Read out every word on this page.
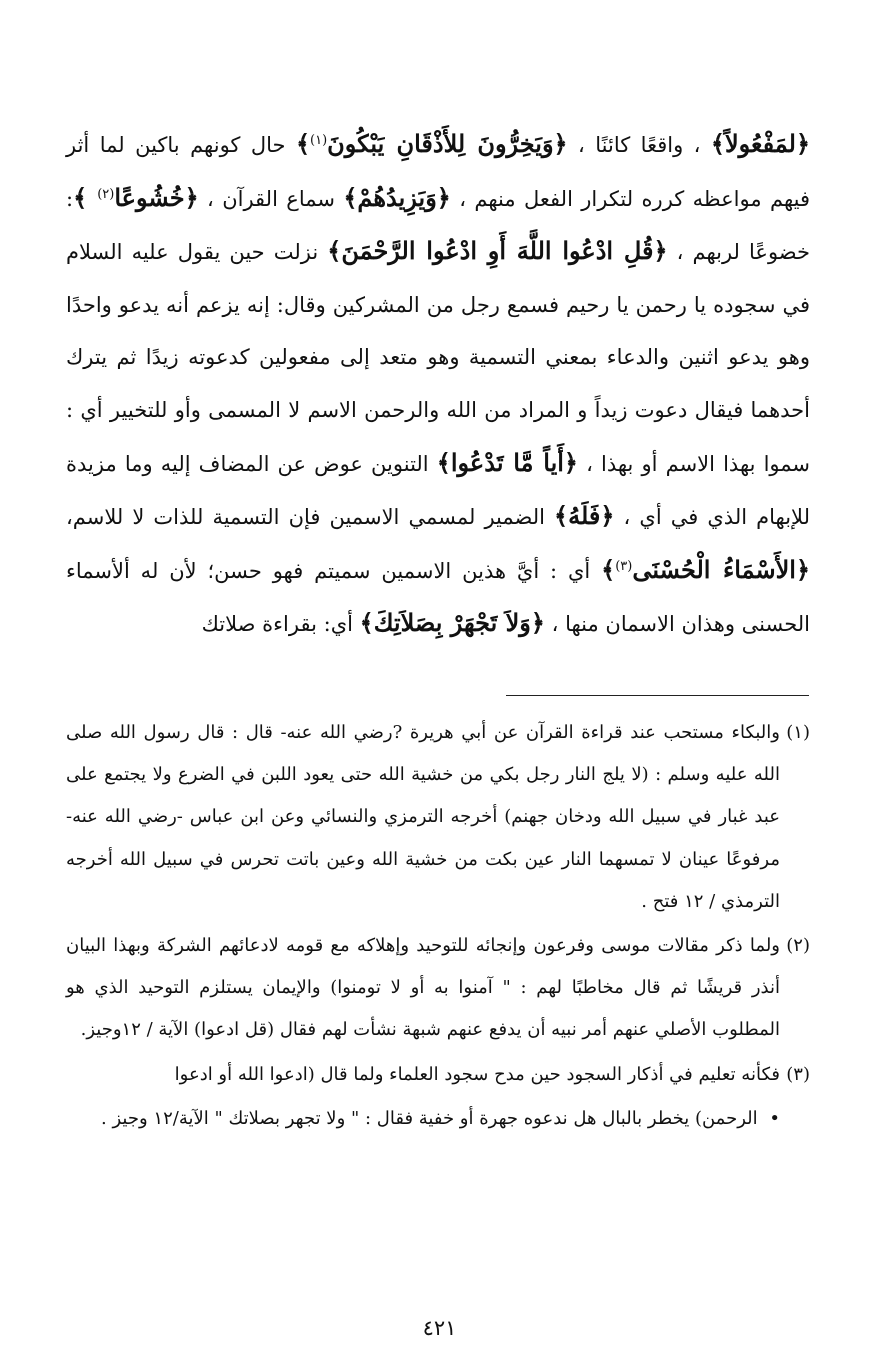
﴿لمَفْعُولاً﴾ ، واقعًا كائنًا ، ﴿وَيَخِرُّونَ لِلأَذْقَانِ يَبْكُونَ$^{(١)}$﴾ حال كونهم باكين لما أثر فيهم مواعظه كرره لتكرار الفعل منهم ، ﴿وَيَزِيدُهُمْ﴾ سماع القرآن ، ﴿خُشُوعًا$^{(٢)}$ ﴾: خضوعًا لربهم ، ﴿قُلِ ادْعُوا اللَّهَ أَوِ ادْعُوا الرَّحْمَنَ﴾ نزلت حين يقول عليه السلام في سجوده يا رحمن يا رحيم فسمع رجل من المشركين وقال: إنه يزعم أنه يدعو واحدًا وهو يدعو اثنين والدعاء بمعني التسمية وهو متعد إلى مفعولين كدعوته زيدًا ثم يترك أحدهما فيقال دعوت زيداً و المراد من الله والرحمن الاسم لا المسمى وأو للتخيير أي : سموا بهذا الاسم أو بهذا ، ﴿أَياً مَّا تَدْعُوا﴾ التنوين عوض عن المضاف إليه وما مزيدة للإبهام الذي في أي ، ﴿فَلَهُ﴾ الضمير لمسمي الاسمين فإن التسمية للذات لا للاسم، ﴿الأَسْمَاءُ الْحُسْنَى$^{(٣)}$﴾ أي : أيَّ هذين الاسمين سميتم فهو حسن؛ لأن له ألأسماء الحسنى وهذان الاسمان منها ، ﴿وَلاَ تَجْهَرْ بِصَلاَتِكَ﴾ أي: بقراءة صلاتك

(١)
والبكاء مستحب عند قراءة القرآن عن أبي هريرة ?رضي الله عنه- قال : قال رسول الله صلى الله عليه وسلم : (لا يلج النار رجل بكي من خشية الله حتى يعود اللبن في الضرع ولا يجتمع على عبد غبار في سبيل الله ودخان جهنم) أخرجه الترمزي والنسائي وعن ابن عباس -رضي الله عنه- مرفوعًا عينان لا تمسهما النار عين بكت من خشية الله وعين باتت تحرس في سبيل الله أخرجه الترمذي / ١٢ فتح .
(٢)
ولما ذكر مقالات موسى وفرعون وإنجائه للتوحيد وإهلاكه مع قومه لادعائهم الشركة وبهذا البيان أنذر قريشًا ثم قال مخاطبًا لهم : " آمنوا به أو لا تومنوا) والإيمان يستلزم التوحيد الذي هو المطلوب الأصلي عنهم أمر نبيه أن يدفع عنهم شبهة نشأت لهم فقال (قل ادعوا) الآية / ١٢وجيز.
(٣)
فكأنه تعليم في أذكار السجود حين مدح سجود العلماء ولما قال (ادعوا الله أو ادعوا
• الرحمن) يخطر بالبال هل ندعوه جهرة أو خفية فقال : " ولا تجهر بصلاتك " الآية/١٢ وجيز .
٤٢١
